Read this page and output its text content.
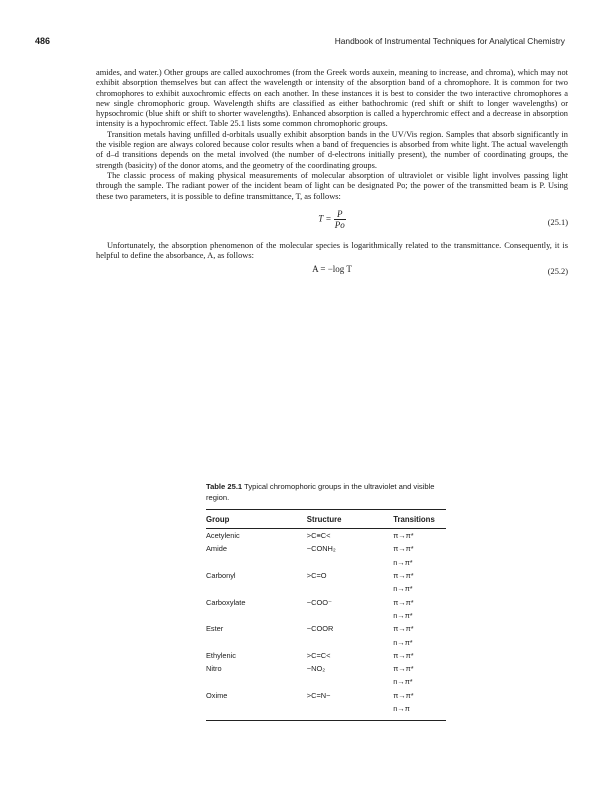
486	Handbook of Instrumental Techniques for Analytical Chemistry

amides, and water.) Other groups are called auxochromes (from the Greek words auxein, meaning to increase, and chroma), which may not exhibit absorption themselves but can affect the wavelength or intensity of the absorption band of a chromophore. It is common for two chromophores to exhibit auxochromic effects on each another. In these instances it is best to consider the two interactive chromophores a new single chromophoric group. Wavelength shifts are classified as either bathochromic (red shift or shift to longer wavelengths) or hypsochromic (blue shift or shift to shorter wavelengths). Enhanced absorption is called a hyperchromic effect and a decrease in absorption intensity is a hypochromic effect. Table 25.1 lists some common chromophoric groups.

Transition metals having unfilled d-orbitals usually exhibit absorption bands in the UV/Vis region. Samples that absorb significantly in the visible region are always colored because color results when a band of frequencies is absorbed from white light. The actual wavelength of d–d transitions depends on the metal involved (the number of d-electrons initially present), the number of coordinating groups, the strength (basicity) of the donor atoms, and the geometry of the coordinating groups.

The classic process of making physical measurements of molecular absorption of ultraviolet or visible light involves passing light through the sample. The radiant power of the incident beam of light can be designated Po; the power of the transmitted beam is P. Using these two parameters, it is possible to define transmittance, T, as follows:

$T = \frac{P}{Po}$	(25.1)

Unfortunately, the absorption phenomenon of the molecular species is logarithmically related to the transmittance. Consequently, it is helpful to define the absorbance, A, as follows:

A = −log T	(25.2)
Table 25.1 Typical chromophoric groups in the ultraviolet and visible region.
Group	Structure	Transitions
Acetylenic	>C≡C<	π→π*
Amide	−CONH₂	π→π*
		n→π*
Carbonyl	>C=O	π→π*
		n→π*
Carboxylate	−COO⁻	π→π*
		n→π*
Ester	−COOR	π→π*
		n→π*
Ethylenic	>C=C<	π→π*
Nitro	−NO₂	π→π*
		n→π*
Oxime	>C=N−	π→π*
		n→π
